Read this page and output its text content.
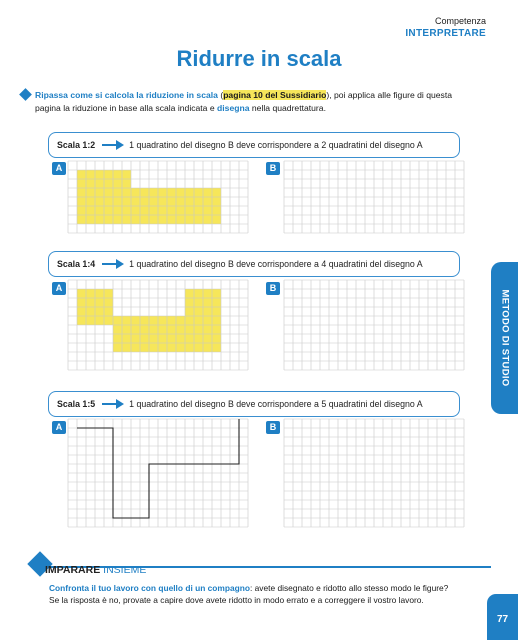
Competenza
INTERPRETARE
Ridurre in scala
Ripassa come si calcola la riduzione in scala (pagina 10 del Sussidiario), poi applica alle figure di questa pagina la riduzione in base alla scala indicata e disegna nella quadrettatura.
Scala 1:2	1 quadratino del disegno B deve corrispondere a 2 quadratini del disegno A
A	B
Scala 1:4	1 quadratino del disegno B deve corrispondere a 4 quadratini del disegno A
A	B
Scala 1:5	1 quadratino del disegno B deve corrispondere a 5 quadratini del disegno A
A	B
METODO DI STUDIO
IMPARARE INSIEME
Confronta il tuo lavoro con quello di un compagno: avete disegnato e ridotto allo stesso modo le figure? Se la risposta è no, provate a capire dove avete ridotto in modo errato e a correggere il vostro lavoro.
77
